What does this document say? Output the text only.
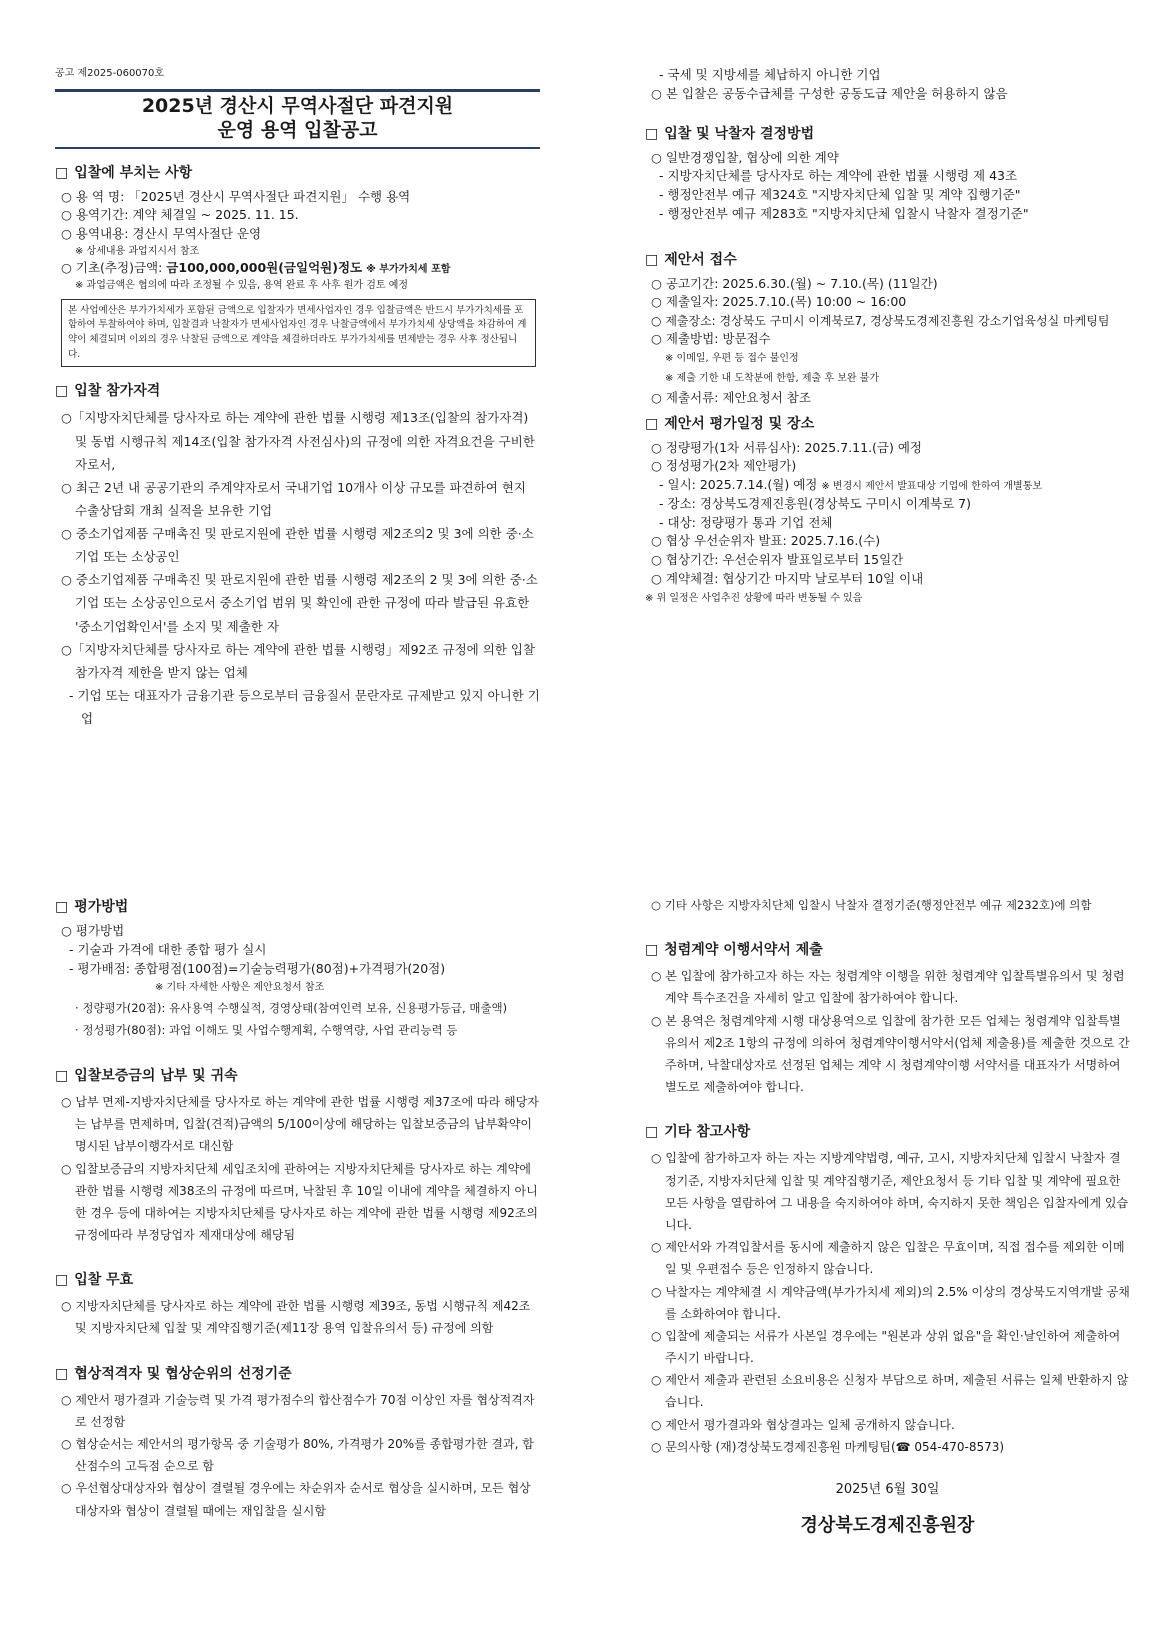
공고 제2025-060070호
2025년 경산시 무역사절단 파견지원
운영 용역 입찰공고
□ 입찰에 부치는 사항
○ 용 역 명: 「2025년 경산시 무역사절단 파견지원」 수행 용역
○ 용역기간: 계약 체결일 ~ 2025. 11. 15.
○ 용역내용: 경산시 무역사절단 운영
※ 상세내용 과업지시서 참조
○ 기초(추정)금액: 금100,000,000원(금일억원)정도 ※ 부가가치세 포함
※ 과업금액은 협의에 따라 조정될 수 있음, 용역 완료 후 사후 원가 검토 예정
본 사업예산은 부가가치세가 포함된 금액으로 입찰자가 면세사업자인 경우 입찰금액은 반드시 부가가치세를 포함하여 투찰하여야 하며, 입찰결과 낙찰자가 면세사업자인 경우 낙찰금액에서 부가가치세 상당액을 차감하여 계약이 체결되며 이외의 경우 낙찰된 금액으로 계약을 체결하더라도 부가가치세를 면제받는 경우 사후 정산됩니다.
□ 입찰 참가자격
○「지방자치단체를 당사자로 하는 계약에 관한 법률 시행령 제13조(입찰의 참가자격) 및 동법 시행규칙 제14조(입찰 참가자격 사전심사)의 규정에 의한 자격요건을 구비한 자로서,
○ 최근 2년 내 공공기관의 주계약자로서 국내기업 10개사 이상 규모를 파견하여 현지 수출상담회 개최 실적을 보유한 기업
○ 중소기업제품 구매촉진 및 판로지원에 관한 법률 시행령 제2조의2 및 3에 의한 중·소기업 또는 소상공인
○ 중소기업제품 구매촉진 및 판로지원에 관한 법률 시행령 제2조의 2 및 3에 의한 중·소기업 또는 소상공인으로서 중소기업 범위 및 확인에 관한 규정에 따라 발급된 유효한 '중소기업확인서'를 소지 및 제출한 자
○「지방자치단체를 당사자로 하는 계약에 관한 법률 시행령」제92조 규정에 의한 입찰참가자격 제한을 받지 않는 업체
- 기업 또는 대표자가 금융기관 등으로부터 금융질서 문란자로 규제받고 있지 아니한 기업
- 국세 및 지방세를 체납하지 아니한 기업
○ 본 입찰은 공동수급체를 구성한 공동도급 제안을 허용하지 않음
□ 입찰 및 낙찰자 결정방법
○ 일반경쟁입찰, 협상에 의한 계약
- 지방자치단체를 당사자로 하는 계약에 관한 법률 시행령 제 43조
- 행정안전부 예규 제324호 "지방자치단체 입찰 및 계약 집행기준"
- 행정안전부 예규 제283호 "지방자치단체 입찰시 낙찰자 결정기준"
□ 제안서 접수
○ 공고기간: 2025.6.30.(월) ~ 7.10.(목) (11일간)
○ 제출일자: 2025.7.10.(목) 10:00 ~ 16:00
○ 제출장소: 경상북도 구미시 이계북로7, 경상북도경제진흥원 강소기업육성실 마케팅팀
○ 제출방법: 방문접수
※ 이메일, 우편 등 접수 불인정
※ 제출 기한 내 도착분에 한함, 제출 후 보완 불가
○ 제출서류: 제안요청서 참조
□ 제안서 평가일정 및 장소
○ 정량평가(1차 서류심사): 2025.7.11.(금) 예정
○ 정성평가(2차 제안평가)
- 일시: 2025.7.14.(월) 예정 ※ 변경시 제안서 발표대상 기업에 한하여 개별통보
- 장소: 경상북도경제진흥원(경상북도 구미시 이계북로 7)
- 대상: 정량평가 통과 기업 전체
○ 협상 우선순위자 발표: 2025.7.16.(수)
○ 협상기간: 우선순위자 발표일로부터 15일간
○ 계약체결: 협상기간 마지막 날로부터 10일 이내
※ 위 일정은 사업추진 상황에 따라 변동될 수 있음
□ 평가방법
○ 평가방법
- 기술과 가격에 대한 종합 평가 실시
- 평가배점: 종합평점(100점)=기술능력평가(80점)+가격평가(20점)
※ 기타 자세한 사항은 제안요청서 참조
· 정량평가(20점): 유사용역 수행실적, 경영상태(참여인력 보유, 신용평가등급, 매출액)
· 정성평가(80점): 과업 이해도 및 사업수행계획, 수행역량, 사업 관리능력 등
□ 입찰보증금의 납부 및 귀속
○ 납부 면제-지방자치단체를 당사자로 하는 계약에 관한 법률 시행령 제37조에 따라 해당자는 납부를 면제하며, 입찰(견적)금액의 5/100이상에 해당하는 입찰보증금의 납부확약이 명시된 납부이행각서로 대신함
○ 입찰보증금의 지방자치단체 세입조치에 관하여는 지방자치단체를 당사자로 하는 계약에 관한 법률 시행령 제38조의 규정에 따르며, 낙찰된 후 10일 이내에 계약을 체결하지 아니한 경우 등에 대하여는 지방자치단체를 당사자로 하는 계약에 관한 법률 시행령 제92조의 규정에따라 부정당업자 제재대상에 해당됨
□ 입찰 무효
○ 지방자치단체를 당사자로 하는 계약에 관한 법률 시행령 제39조, 동법 시행규칙 제42조 및 지방자치단체 입찰 및 계약집행기준(제11장 용역 입찰유의서 등) 규정에 의함
□ 협상적격자 및 협상순위의 선정기준
○ 제안서 평가결과 기술능력 및 가격 평가점수의 합산점수가 70점 이상인 자를 협상적격자로 선정함
○ 협상순서는 제안서의 평가항목 중 기술평가 80%, 가격평가 20%를 종합평가한 결과, 합산점수의 고득점 순으로 함
○ 우선협상대상자와 협상이 결렬될 경우에는 차순위자 순서로 협상을 실시하며, 모든 협상 대상자와 협상이 결렬될 때에는 재입찰을 실시함
○ 기타 사항은 지방자치단체 입찰시 낙찰자 결정기준(행정안전부 예규 제232호)에 의함
□ 청렴계약 이행서약서 제출
○ 본 입찰에 참가하고자 하는 자는 청렴계약 이행을 위한 청렴계약 입찰특별유의서 및 청렴계약 특수조건을 자세히 알고 입찰에 참가하여야 합니다.
○ 본 용역은 청렴계약제 시행 대상용역으로 입찰에 참가한 모든 업체는 청렴계약 입찰특별유의서 제2조 1항의 규정에 의하여 청렴계약이행서약서(업체 제출용)를 제출한 것으로 간주하며, 낙찰대상자로 선정된 업체는 계약 시 청렴계약이행 서약서를 대표자가 서명하여 별도로 제출하여야 합니다.
□ 기타 참고사항
○ 입찰에 참가하고자 하는 자는 지방계약법령, 예규, 고시, 지방자치단체 입찰시 낙찰자 결정기준, 지방자치단체 입찰 및 계약집행기준, 제안요청서 등 기타 입찰 및 계약에 필요한 모든 사항을 열람하여 그 내용을 숙지하여야 하며, 숙지하지 못한 책임은 입찰자에게 있습니다.
○ 제안서와 가격입찰서를 동시에 제출하지 않은 입찰은 무효이며, 직접 접수를 제외한 이메일 및 우편접수 등은 인정하지 않습니다.
○ 낙찰자는 계약체결 시 계약금액(부가가치세 제외)의 2.5% 이상의 경상북도지역개발 공채를 소화하여야 합니다.
○ 입찰에 제출되는 서류가 사본일 경우에는 "원본과 상위 없음"을 확인·날인하여 제출하여 주시기 바랍니다.
○ 제안서 제출과 관련된 소요비용은 신청자 부담으로 하며, 제출된 서류는 일체 반환하지 않습니다.
○ 제안서 평가결과와 협상결과는 일체 공개하지 않습니다.
○ 문의사항 (재)경상북도경제진흥원 마케팅팀(☎ 054-470-8573)
2025년 6월 30일
경상북도경제진흥원장
